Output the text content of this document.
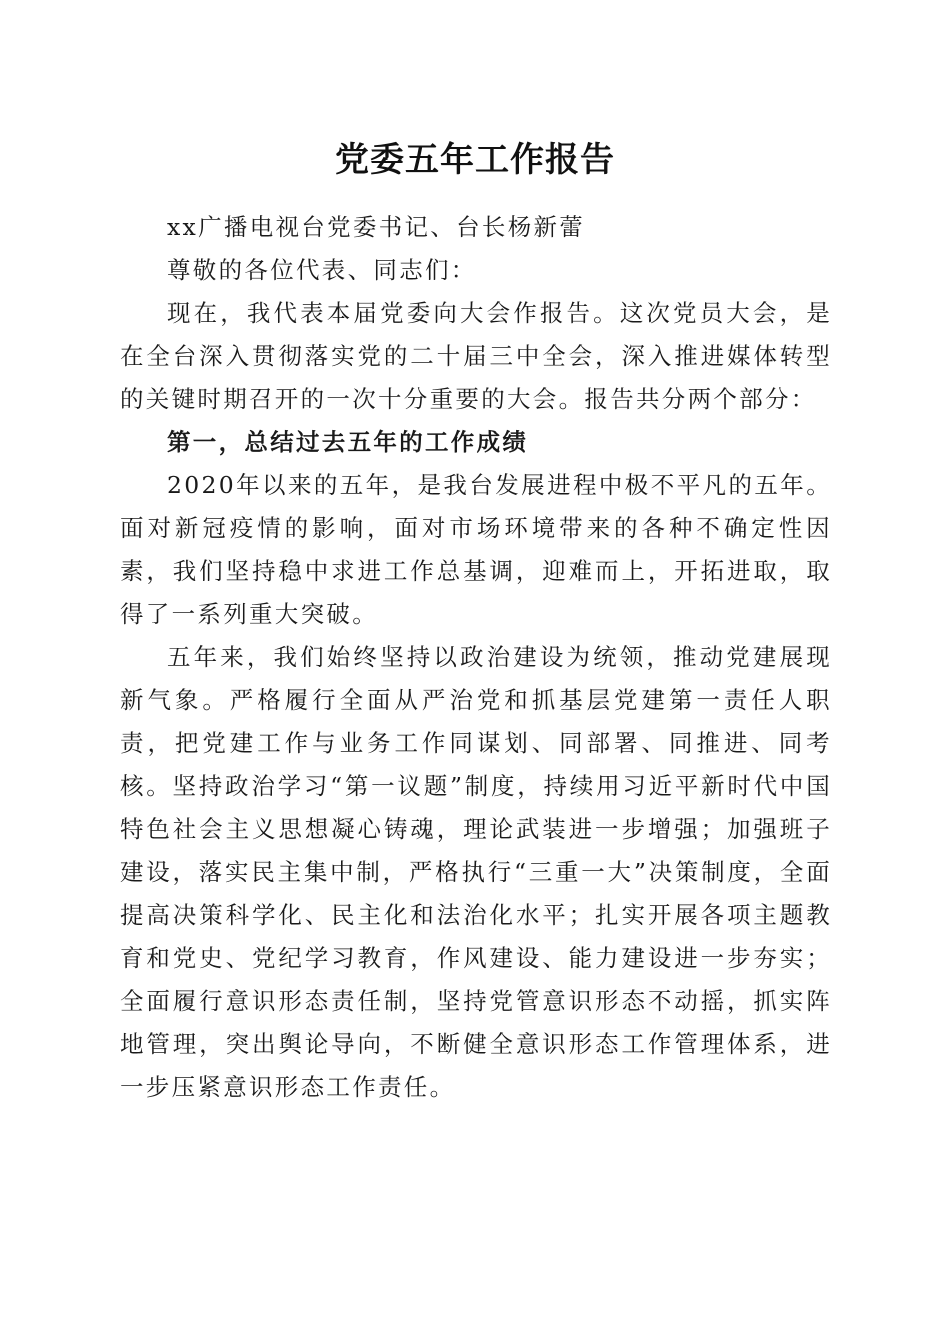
党委五年工作报告

xx广播电视台党委书记、台长杨新蕾

尊敬的各位代表、同志们：

现在，我代表本届党委向大会作报告。这次党员大会，是在全台深入贯彻落实党的二十届三中全会，深入推进媒体转型的关键时期召开的一次十分重要的大会。报告共分两个部分：

第一，总结过去五年的工作成绩

2020年以来的五年，是我台发展进程中极不平凡的五年。面对新冠疫情的影响，面对市场环境带来的各种不确定性因素，我们坚持稳中求进工作总基调，迎难而上，开拓进取，取得了一系列重大突破。

五年来，我们始终坚持以政治建设为统领，推动党建展现新气象。严格履行全面从严治党和抓基层党建第一责任人职责，把党建工作与业务工作同谋划、同部署、同推进、同考核。坚持政治学习“第一议题”制度，持续用习近平新时代中国特色社会主义思想凝心铸魂，理论武装进一步增强；加强班子建设，落实民主集中制，严格执行“三重一大”决策制度，全面提高决策科学化、民主化和法治化水平；扎实开展各项主题教育和党史、党纪学习教育，作风建设、能力建设进一步夯实；全面履行意识形态责任制，坚持党管意识形态不动摇，抓实阵地管理，突出舆论导向，不断健全意识形态工作管理体系，进一步压紧意识形态工作责任。
